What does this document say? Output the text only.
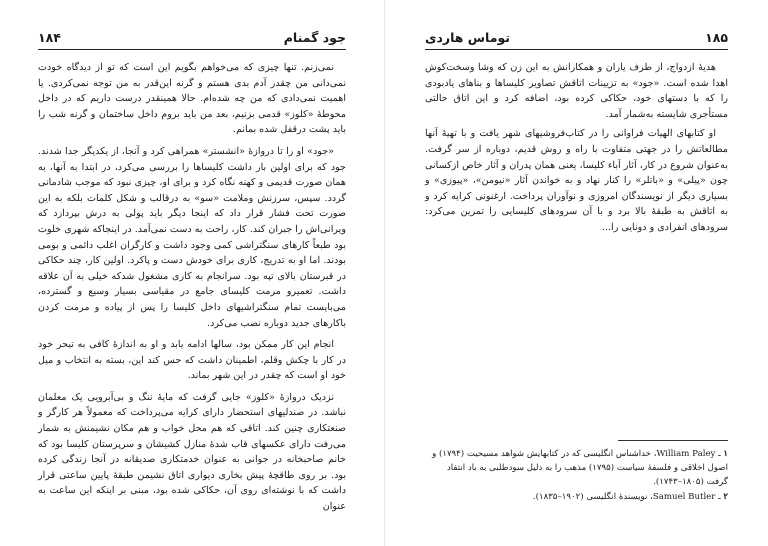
جود گمنام
۱۸۴

نمی‌زنم. تنها چیزی که می‌خواهم بگویم این است که تو از دیدگاه خودت نمی‌دانی من چقدر آدم بدی هستم و گرنه این‌قدر به من توجه نمی‌کردی. یا اهمیت نمی‌دادی که من چه شده‌ام. حالا همینقدر درست داریم که در داخل محوطهٔ «کلوز» قدمی بزنیم، بعد من باید بروم داخل ساختمان و گرنه شب را باید پشت درقفل شده بمانم.

«جود» او را تا دروازهٔ «انشستر» همراهی کرد و آنجا، از یکدیگر جدا شدند. جود که برای اولین بار داشت کلیساها را بررسی می‌کرد، در ابتدا به آنها، به همان صورت قدیمی و کهنه نگاه کرد و برای او، چیزی نبود که موجب شادمانی گردد. سپس، سرزنش وملامت «سو» به درقالب و شکل کلمات بلکه به این صورت تحت فشار قرار داد که اینجا دیگر باید پولی به درش بپردازد که ویرانی‌اش را جبران کند. کار، راحت به دست نمی‌آمد. در اینجاکه شهری خلوت بود طبعاً کارهای سنگتراشی کمی وجود داشت و کارگران اغلب دائمی و بومی بودند. اما او به تدریج، کاری برای خودش دست و پاکرد. اولین کار، چند حکاکی در قبرستان بالای تپه بود. سرانجام به کاری مشغول شدکه خیلی به آن علاقه داشت. تعمیرو مرمت کلیسای جامع در مقیاسی بسیار وسیع و گسترده، می‌بایست تمام سنگتراشیهای داخل کلیسا را پس از پیاده و مرمت کردن باکارهای جدید دوباره نصب می‌کرد.

انجام این کار ممکن بود، سالها ادامه یابد و او به اندازهٔ کافی به تبحر خود در کار با چکش وقلم، اطمینان داشت که حس کند این، بسته به انتخاب و میل خود او است که چقدر در این شهر بماند.

نزدیک دروازهٔ «کلوز» جایی گرفت که مایهٔ ننگ و بی‌آبرویی یک معلمان نباشد. در صندلیهای استحضار دارای کرایه می‌پرداخت که معمولاً هر کارگر و صنعتکاری چنین کند. اتاقی که هم محل خواب و هم مکان نشیمنش به شمار می‌رفت دارای عکسهای قاب شدهٔ منازل کشیشان و سرپرستان کلیسا بود که خانم صاحبخانه در جوانی به عنوان خدمتکاری صدیقانه در آنجا زندگی کرده بود. بر روی طاقچهٔ پیش بخاری دیواری اتاق نشیمن طبقهٔ پایین ساعتی قرار داشت که با نوشته‌ای روی آن، حکاکی شده بود، مبنی بر اینکه این ساعت به عنوان

۱۸۵
توماس هاردی

هدیهٔ ازدواج، از طرف یاران و همکارانش به این زن که وشا وسخت‌کوش اهدا شده است. «جود» به تزیینات اتاقش تصاویر کلیساها و بناهای یادبودی را که با دستهای خود، حکاکی کرده بود، اضافه کرد و این اتاق حالتی مستأجری شایسته به‌شمار آمد.

او کتابهای الهیات فراوانی را در کتاب‌فروشیهای شهر یافت و با تهیهٔ آنها مطالعاتش را در جهتی متفاوت با راه و روش قدیم، دوباره از سر گرفت. به‌عنوان شروع در کار، آثار آباء کلیسا، یعنی همان پدران و آثار خاص ازکسانی چون «پیلی» و «باتلر» را کنار نهاد و به خواندن آثار «نیومن»، «پیوزی» و بسیاری دیگر از نویسندگان امروزی و نوآوران پرداخت. ارغنونی کرایه کرد و به اتاقش به طبقهٔ بالا برد و با آن سرودهای کلیسایی را تمرین می‌کرد: سرودهای انفرادی و دونایی را...

۱ ـ William Paley، خداشناس انگلیسی که در کتابهایش شواهد مسیحیت (۱۷۹۴) و اصول اخلاقی و فلسفهٔ سیاست (۱۷۹۵) مذهب را به دلیل سودطلبی به باد انتقاد گرفت (۱۸۰۵–۱۷۴۳).

۲ ـ Samuel Butler، نویسندهٔ انگلیسی (۱۹۰۲–۱۸۳۵).
